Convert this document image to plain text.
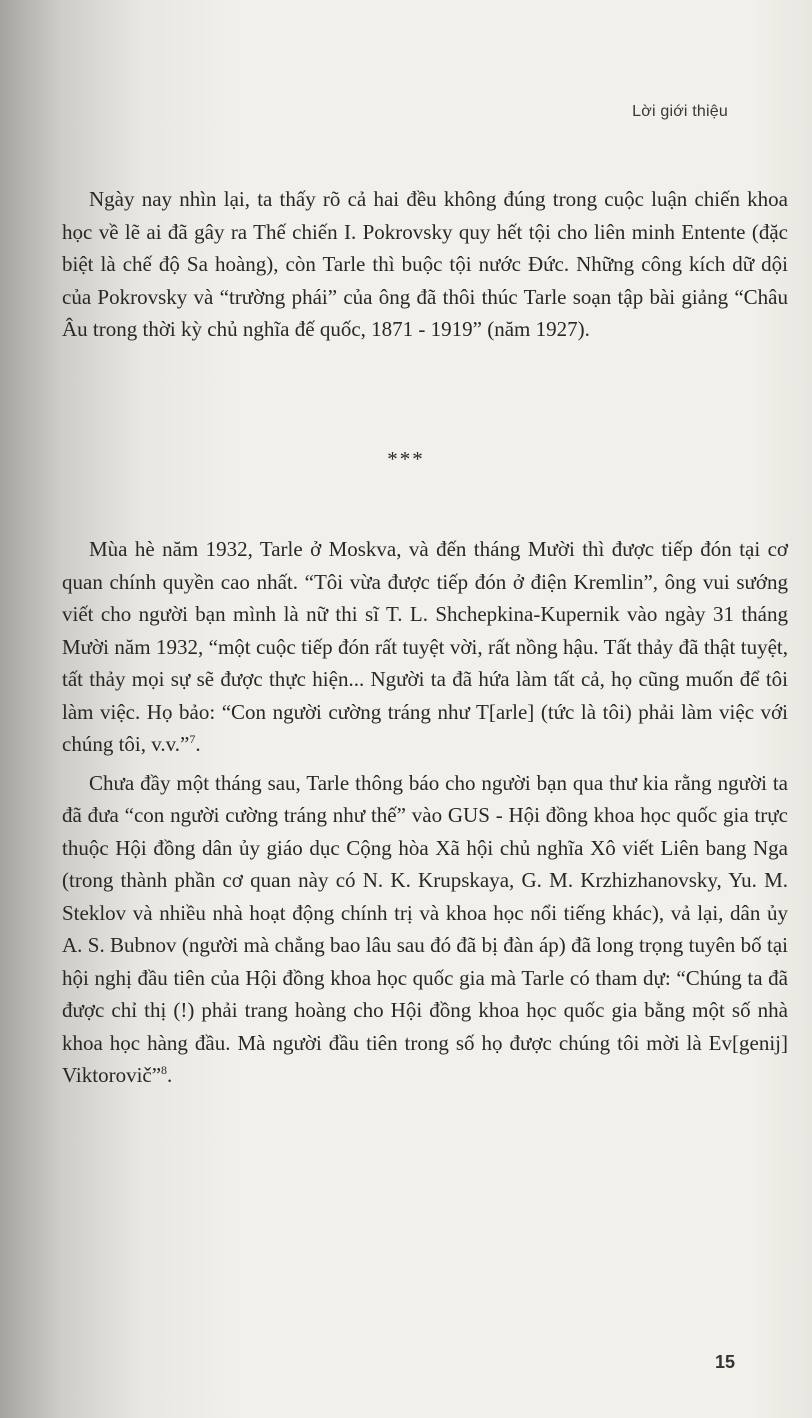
Lời giới thiệu

Ngày nay nhìn lại, ta thấy rõ cả hai đều không đúng trong cuộc luận chiến khoa học về lẽ ai đã gây ra Thế chiến I. Pokrovsky quy hết tội cho liên minh Entente (đặc biệt là chế độ Sa hoàng), còn Tarle thì buộc tội nước Đức. Những công kích dữ dội của Pokrovsky và “trường phái” của ông đã thôi thúc Tarle soạn tập bài giảng “Châu Âu trong thời kỳ chủ nghĩa đế quốc, 1871 - 1919” (năm 1927).

***

Mùa hè năm 1932, Tarle ở Moskva, và đến tháng Mười thì được tiếp đón tại cơ quan chính quyền cao nhất. “Tôi vừa được tiếp đón ở điện Kremlin”, ông vui sướng viết cho người bạn mình là nữ thi sĩ T. L. Shchepkina-Kupernik vào ngày 31 tháng Mười năm 1932, “một cuộc tiếp đón rất tuyệt vời, rất nồng hậu. Tất thảy đã thật tuyệt, tất thảy mọi sự sẽ được thực hiện... Người ta đã hứa làm tất cả, họ cũng muốn để tôi làm việc. Họ bảo: “Con người cường tráng như T[arle] (tức là tôi) phải làm việc với chúng tôi, v.v.”$^7$.

Chưa đầy một tháng sau, Tarle thông báo cho người bạn qua thư kia rằng người ta đã đưa “con người cường tráng như thế” vào GUS - Hội đồng khoa học quốc gia trực thuộc Hội đồng dân ủy giáo dục Cộng hòa Xã hội chủ nghĩa Xô viết Liên bang Nga (trong thành phần cơ quan này có N. K. Krupskaya, G. M. Krzhizhanovsky, Yu. M. Steklov và nhiều nhà hoạt động chính trị và khoa học nổi tiếng khác), vả lại, dân ủy A. S. Bubnov (người mà chẳng bao lâu sau đó đã bị đàn áp) đã long trọng tuyên bố tại hội nghị đầu tiên của Hội đồng khoa học quốc gia mà Tarle có tham dự: “Chúng ta đã được chỉ thị (!) phải trang hoàng cho Hội đồng khoa học quốc gia bằng một số nhà khoa học hàng đầu. Mà người đầu tiên trong số họ được chúng tôi mời là Ev[genij] Viktorovič”$^8$.

15
